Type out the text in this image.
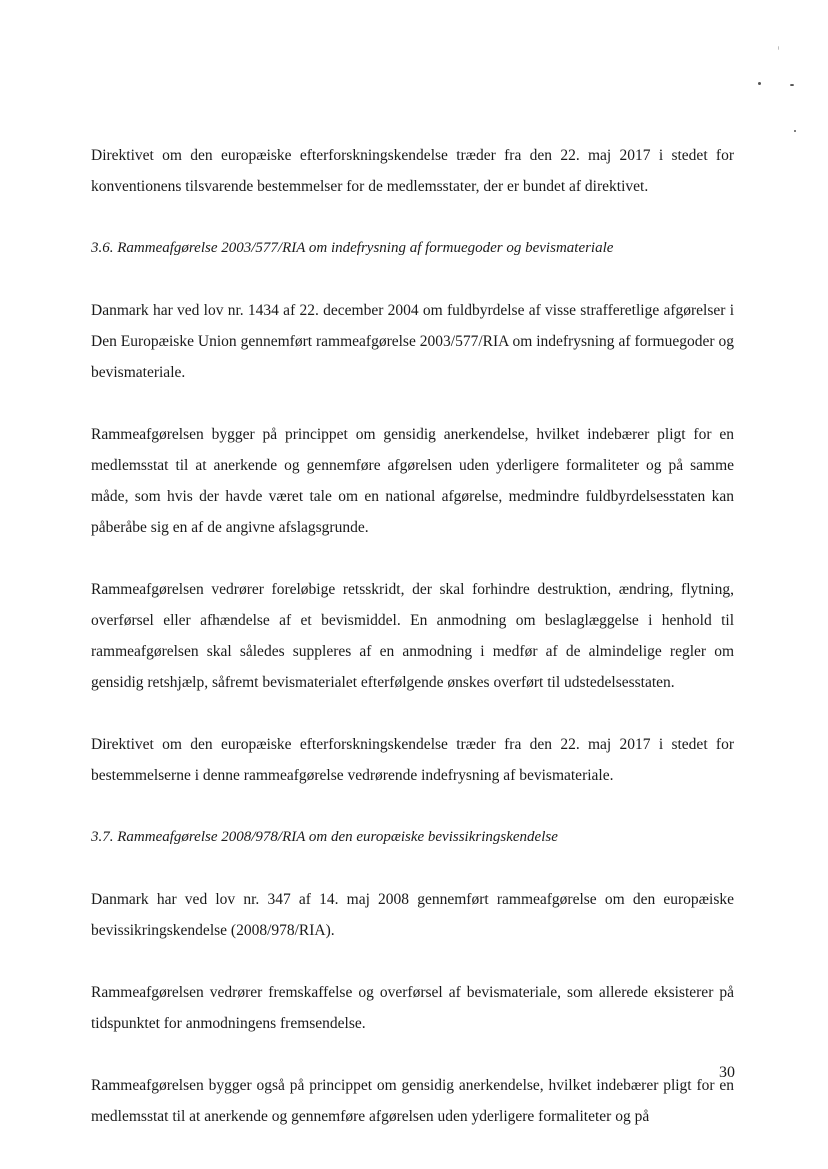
Direktivet om den europæiske efterforskningskendelse træder fra den 22. maj 2017 i stedet for konventionens tilsvarende bestemmelser for de medlemsstater, der er bundet af direktivet.

3.6. Rammeafgørelse 2003/577/RIA om indefrysning af formuegoder og bevismateriale

Danmark har ved lov nr. 1434 af 22. december 2004 om fuldbyrdelse af visse strafferetlige afgørelser i Den Europæiske Union gennemført rammeafgørelse 2003/577/RIA om indefrysning af formuegoder og bevismateriale.

Rammeafgørelsen bygger på princippet om gensidig anerkendelse, hvilket indebærer pligt for en medlemsstat til at anerkende og gennemføre afgørelsen uden yderligere formaliteter og på samme måde, som hvis der havde været tale om en national afgørelse, medmindre fuldbyrdelsesstaten kan påberåbe sig en af de angivne afslagsgrunde.

Rammeafgørelsen vedrører foreløbige retsskridt, der skal forhindre destruktion, ændring, flytning, overførsel eller afhændelse af et bevismiddel. En anmodning om beslaglæggelse i henhold til rammeafgørelsen skal således suppleres af en anmodning i medfør af de almindelige regler om gensidig retshjælp, såfremt bevismaterialet efterfølgende ønskes overført til udstedelsesstaten.

Direktivet om den europæiske efterforskningskendelse træder fra den 22. maj 2017 i stedet for bestemmelserne i denne rammeafgørelse vedrørende indefrysning af bevismateriale.

3.7. Rammeafgørelse 2008/978/RIA om den europæiske bevissikringskendelse

Danmark har ved lov nr. 347 af 14. maj 2008 gennemført rammeafgørelse om den europæiske bevissikringskendelse (2008/978/RIA).

Rammeafgørelsen vedrører fremskaffelse og overførsel af bevismateriale, som allerede eksisterer på tidspunktet for anmodningens fremsendelse.

Rammeafgørelsen bygger også på princippet om gensidig anerkendelse, hvilket indebærer pligt for en medlemsstat til at anerkende og gennemføre afgørelsen uden yderligere formaliteter og på

30
